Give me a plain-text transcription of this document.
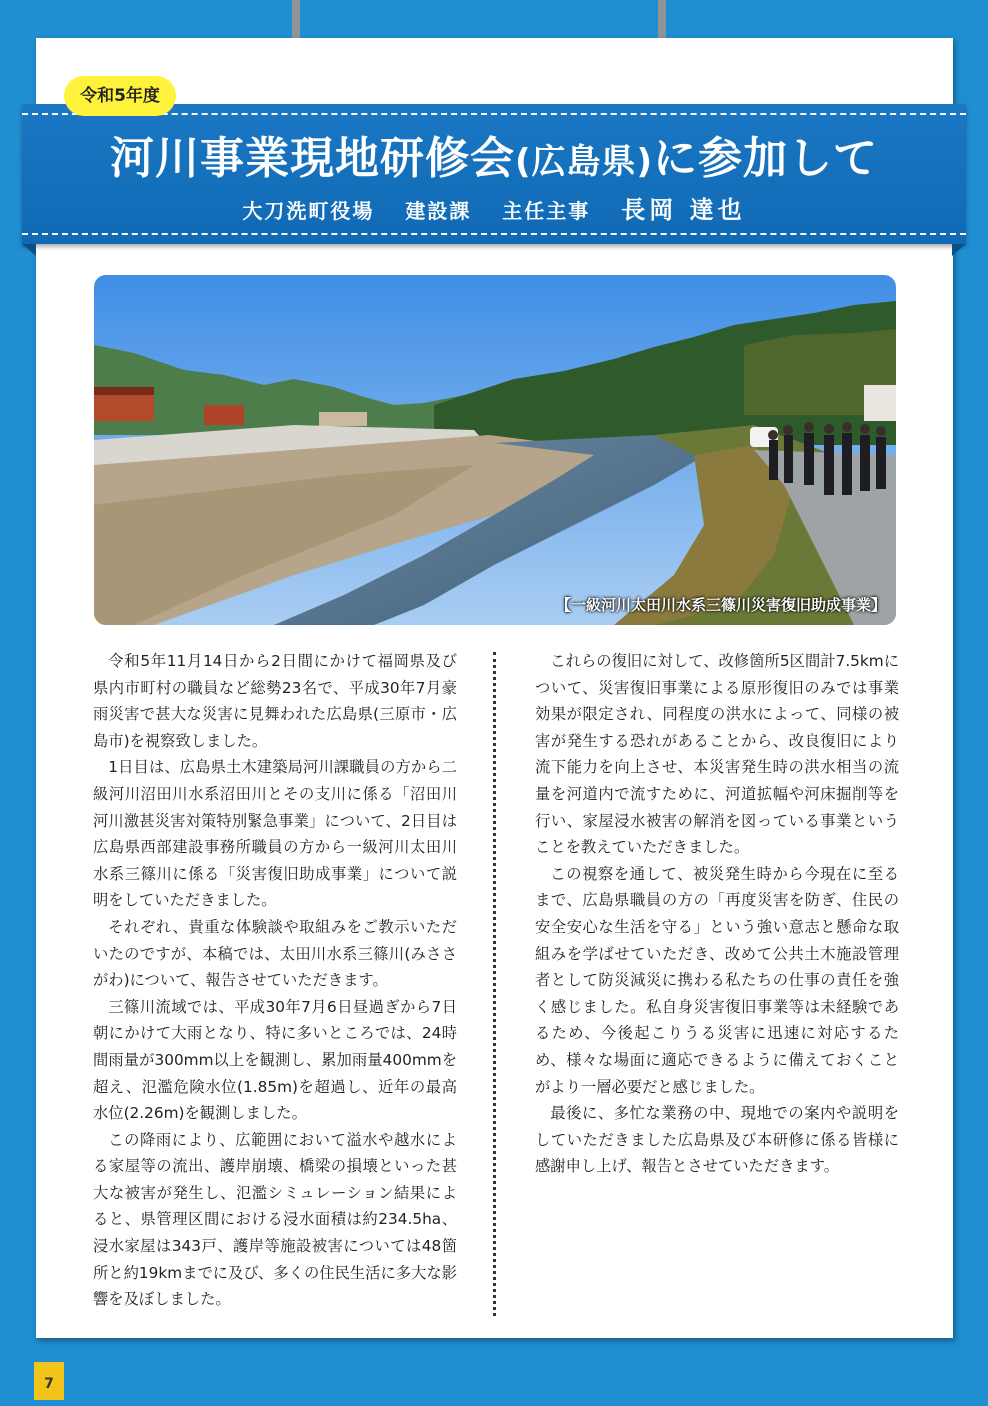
令和5年度
河川事業現地研修会(広島県)に参加して
大刀洗町役場 建設課 主任主事 長岡 達也
【一級河川太田川水系三篠川災害復旧助成事業】

令和5年11月14日から2日間にかけて福岡県及び県内市町村の職員など総勢23名で、平成30年7月豪雨災害で甚大な災害に見舞われた広島県(三原市・広島市)を視察致しました。

1日目は、広島県土木建築局河川課職員の方から二級河川沼田川水系沼田川とその支川に係る「沼田川河川激甚災害対策特別緊急事業」について、2日目は広島県西部建設事務所職員の方から一級河川太田川水系三篠川に係る「災害復旧助成事業」について説明をしていただきました。

それぞれ、貴重な体験談や取組みをご教示いただいたのですが、本稿では、太田川水系三篠川(みささがわ)について、報告させていただきます。

三篠川流域では、平成30年7月6日昼過ぎから7日朝にかけて大雨となり、特に多いところでは、24時間雨量が300mm以上を観測し、累加雨量400mmを超え、氾濫危険水位(1.85m)を超過し、近年の最高水位(2.26m)を観測しました。

この降雨により、広範囲において溢水や越水による家屋等の流出、護岸崩壊、橋梁の損壊といった甚大な被害が発生し、氾濫シミュレーション結果によると、県管理区間における浸水面積は約234.5ha、浸水家屋は343戸、護岸等施設被害については48箇所と約19kmまでに及び、多くの住民生活に多大な影響を及ぼしました。

これらの復旧に対して、改修箇所5区間計7.5kmについて、災害復旧事業による原形復旧のみでは事業効果が限定され、同程度の洪水によって、同様の被害が発生する恐れがあることから、改良復旧により流下能力を向上させ、本災害発生時の洪水相当の流量を河道内で流すために、河道拡幅や河床掘削等を行い、家屋浸水被害の解消を図っている事業ということを教えていただきました。

この視察を通して、被災発生時から今現在に至るまで、広島県職員の方の「再度災害を防ぎ、住民の安全安心な生活を守る」という強い意志と懸命な取組みを学ばせていただき、改めて公共土木施設管理者として防災減災に携わる私たちの仕事の責任を強く感じました。私自身災害復旧事業等は未経験であるため、今後起こりうる災害に迅速に対応するため、様々な場面に適応できるように備えておくことがより一層必要だと感じました。

最後に、多忙な業務の中、現地での案内や説明をしていただきました広島県及び本研修に係る皆様に感謝申し上げ、報告とさせていただきます。

7
